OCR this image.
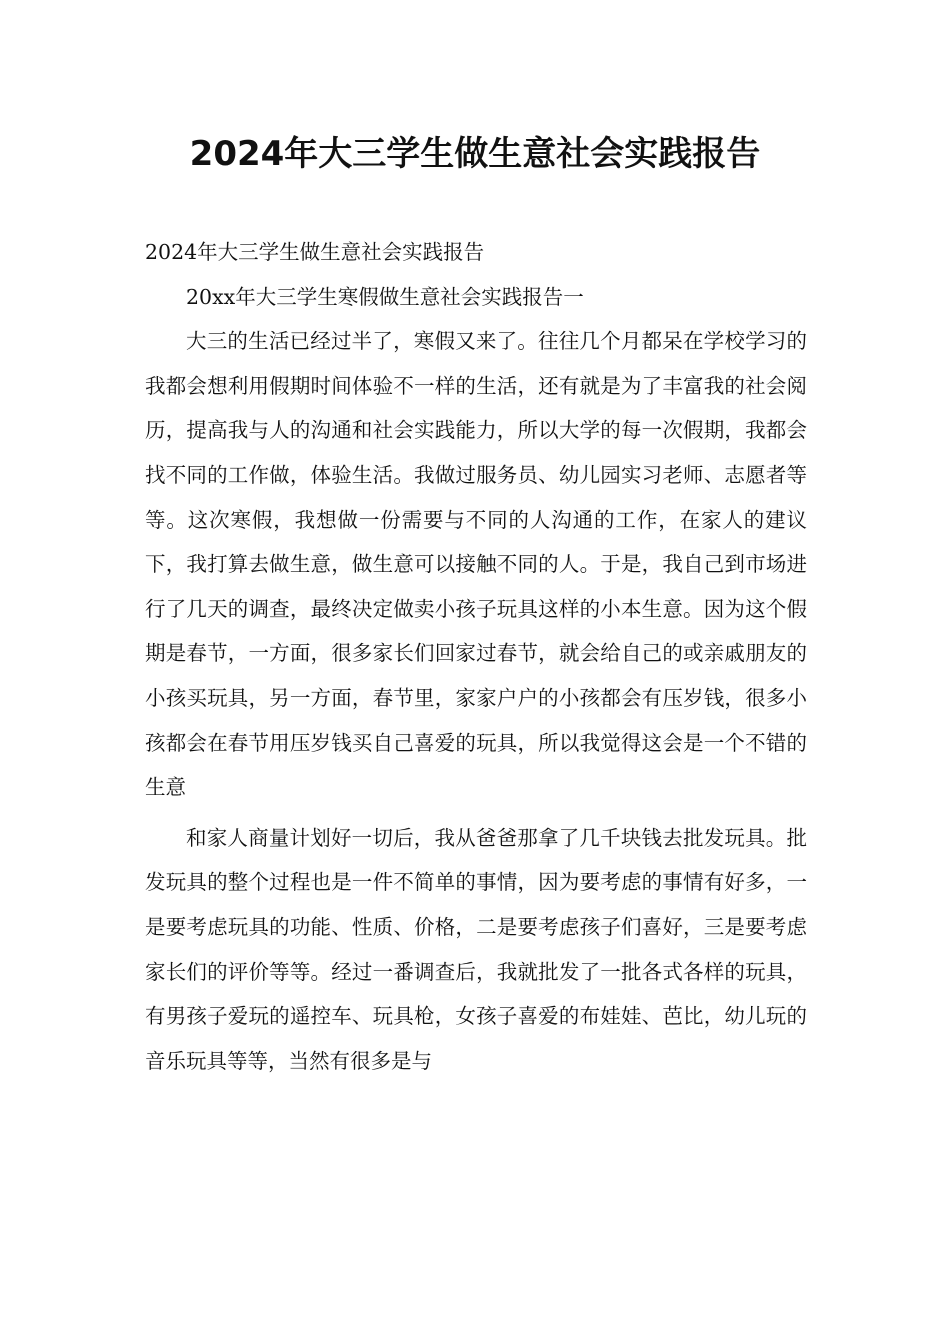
2024年大三学生做生意社会实践报告

2024年大三学生做生意社会实践报告

20xx年大三学生寒假做生意社会实践报告一

大三的生活已经过半了，寒假又来了。往往几个月都呆在学校学习的我都会想利用假期时间体验不一样的生活，还有就是为了丰富我的社会阅历，提高我与人的沟通和社会实践能力，所以大学的每一次假期，我都会找不同的工作做，体验生活。我做过服务员、幼儿园实习老师、志愿者等等。这次寒假，我想做一份需要与不同的人沟通的工作，在家人的建议下，我打算去做生意，做生意可以接触不同的人。于是，我自己到市场进行了几天的调查，最终决定做卖小孩子玩具这样的小本生意。因为这个假期是春节，一方面，很多家长们回家过春节，就会给自己的或亲戚朋友的小孩买玩具，另一方面，春节里，家家户户的小孩都会有压岁钱，很多小孩都会在春节用压岁钱买自己喜爱的玩具，所以我觉得这会是一个不错的生意

和家人商量计划好一切后，我从爸爸那拿了几千块钱去批发玩具。批发玩具的整个过程也是一件不简单的事情，因为要考虑的事情有好多，一是要考虑玩具的功能、性质、价格，二是要考虑孩子们喜好，三是要考虑家长们的评价等等。经过一番调查后，我就批发了一批各式各样的玩具，有男孩子爱玩的遥控车、玩具枪，女孩子喜爱的布娃娃、芭比，幼儿玩的音乐玩具等等，当然有很多是与
